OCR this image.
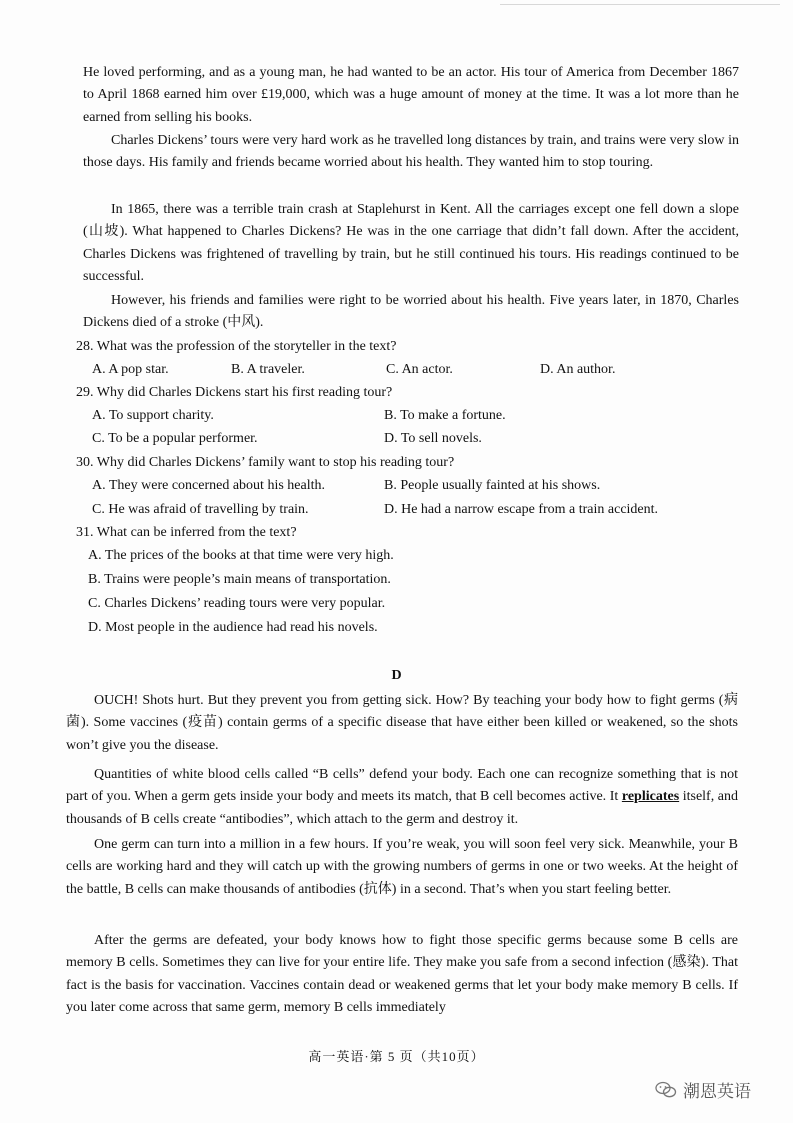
He loved performing, and as a young man, he had wanted to be an actor. His tour of America from December 1867 to April 1868 earned him over £19,000, which was a huge amount of money at the time. It was a lot more than he earned from selling his books.

Charles Dickens’ tours were very hard work as he travelled long distances by train, and trains were very slow in those days. His family and friends became worried about his health. They wanted him to stop touring.

In 1865, there was a terrible train crash at Staplehurst in Kent. All the carriages except one fell down a slope (山坡). What happened to Charles Dickens? He was in the one carriage that didn’t fall down. After the accident, Charles Dickens was frightened of travelling by train, but he still continued his tours. His readings continued to be successful.

However, his friends and families were right to be worried about his health. Five years later, in 1870, Charles Dickens died of a stroke (中风).

28. What was the profession of the storyteller in the text?

A. A pop star.	B. A traveler.	C. An actor.	D. An author.

29. Why did Charles Dickens start his first reading tour?

A. To support charity.	B. To make a fortune.

C. To be a popular performer.	D. To sell novels.

30. Why did Charles Dickens’ family want to stop his reading tour?

A. They were concerned about his health.	B. People usually fainted at his shows.

C. He was afraid of travelling by train.	D. He had a narrow escape from a train accident.

31. What can be inferred from the text?

A. The prices of the books at that time were very high.

B. Trains were people’s main means of transportation.

C. Charles Dickens’ reading tours were very popular.

D. Most people in the audience had read his novels.

D

OUCH! Shots hurt. But they prevent you from getting sick. How? By teaching your body how to fight germs (病菌). Some vaccines (疫苗) contain germs of a specific disease that have either been killed or weakened, so the shots won’t give you the disease.

Quantities of white blood cells called “B cells” defend your body. Each one can recognize something that is not part of you. When a germ gets inside your body and meets its match, that B cell becomes active. It replicates itself, and thousands of B cells create “antibodies”, which attach to the germ and destroy it.

One germ can turn into a million in a few hours. If you’re weak, you will soon feel very sick. Meanwhile, your B cells are working hard and they will catch up with the growing numbers of germs in one or two weeks. At the height of the battle, B cells can make thousands of antibodies (抗体) in a second. That’s when you start feeling better.

After the germs are defeated, your body knows how to fight those specific germs because some B cells are memory B cells. Sometimes they can live for your entire life. They make you safe from a second infection (感染). That fact is the basis for vaccination. Vaccines contain dead or weakened germs that let your body make memory B cells. If you later come across that same germ, memory B cells immediately

高一英语·第 5 页（共10页）
潮恩英语
